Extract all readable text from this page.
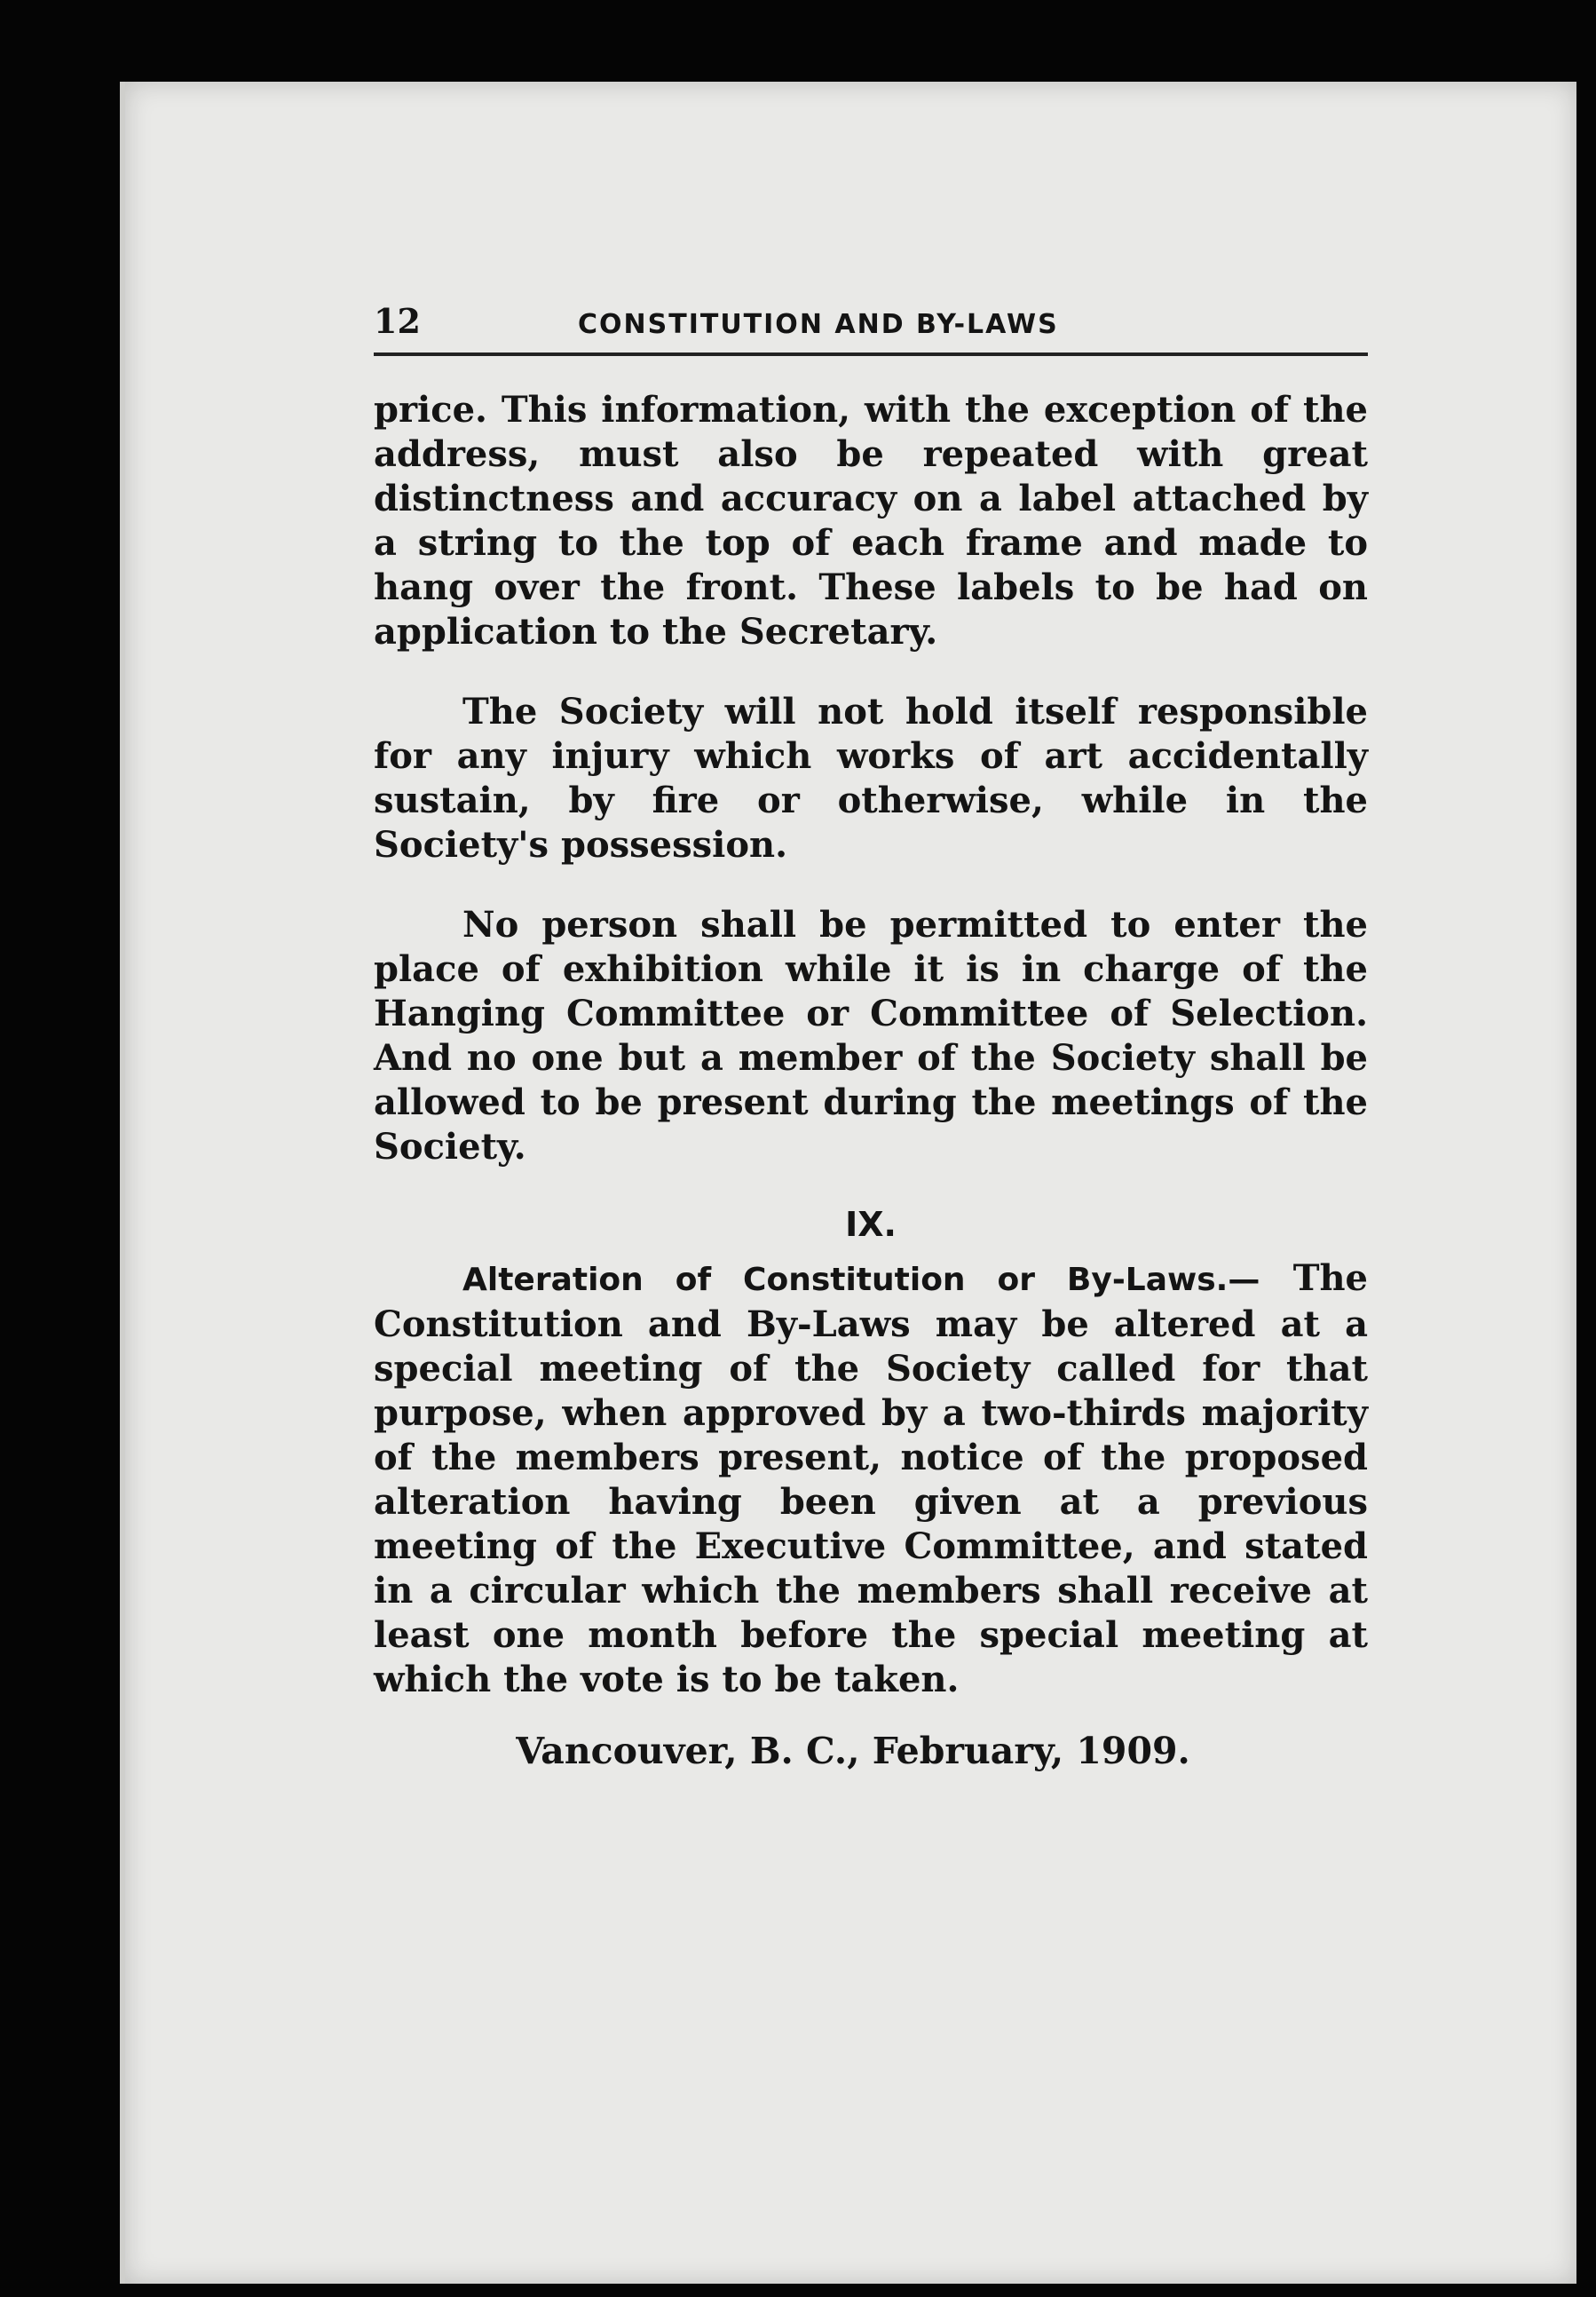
12	CONSTITUTION AND BY-LAWS

price. This information, with the exception of the address, must also be repeated with great distinctness and accuracy on a label attached by a string to the top of each frame and made to hang over the front. These labels to be had on application to the Secretary.

The Society will not hold itself responsible for any injury which works of art accidentally sustain, by fire or otherwise, while in the Society's possession.

No person shall be permitted to enter the place of exhibition while it is in charge of the Hanging Committee or Committee of Selection. And no one but a member of the Society shall be allowed to be present during the meetings of the Society.

IX.

Alteration of Constitution or By-Laws.— The Constitution and By-Laws may be altered at a special meeting of the Society called for that purpose, when approved by a two-thirds majority of the members present, notice of the proposed alteration having been given at a previous meeting of the Executive Committee, and stated in a circular which the members shall receive at least one month before the special meeting at which the vote is to be taken.

Vancouver, B. C., February, 1909.
